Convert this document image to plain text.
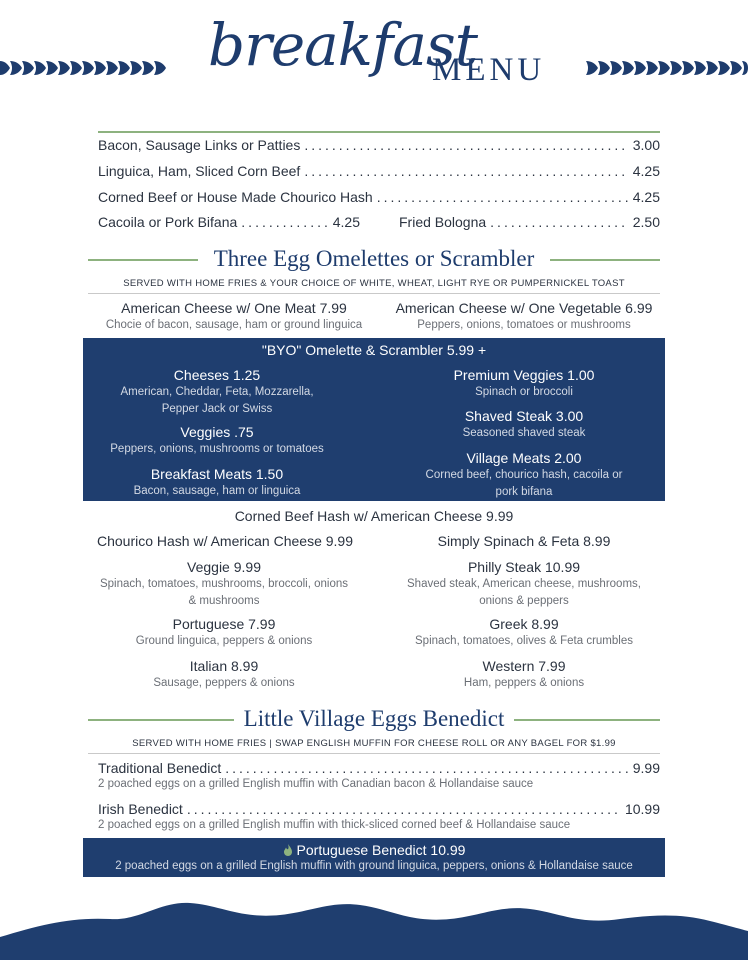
breakfast
MENU
Bacon, Sausage Links or Patties .....	3.00
Linguica, Ham, Sliced Corn Beef .....	4.25
Corned Beef or House Made Chourico Hash .....	4.25
Cacoila or Pork Bifana .....	4.25	Fried Bologna .....	2.50
Three Egg Omelettes or Scrambler
SERVED WITH HOME FRIES & YOUR CHOICE OF WHITE, WHEAT, LIGHT RYE OR PUMPERNICKEL TOAST
American Cheese w/ One Meat 7.99
Chocie of bacon, sausage, ham or ground linguica
American Cheese w/ One Vegetable 6.99
Peppers, onions, tomatoes or mushrooms
"BYO" Omelette & Scrambler 5.99 +
Cheeses 1.25
American, Cheddar, Feta, Mozzarella,
Pepper Jack or Swiss
Veggies .75
Peppers, onions, mushrooms or tomatoes
Breakfast Meats 1.50
Bacon, sausage, ham or linguica
Premium Veggies 1.00
Spinach or broccoli
Shaved Steak 3.00
Seasoned shaved steak
Village Meats 2.00
Corned beef, chourico hash, cacoila or
pork bifana
Corned Beef Hash w/ American Cheese 9.99
Chourico Hash w/ American Cheese 9.99
Veggie 9.99
Spinach, tomatoes, mushrooms, broccoli, onions
& mushrooms
Portuguese 7.99
Ground linguica, peppers & onions
Italian 8.99
Sausage, peppers & onions
Simply Spinach & Feta 8.99
Philly Steak 10.99
Shaved steak, American cheese, mushrooms,
onions & peppers
Greek 8.99
Spinach, tomatoes, olives & Feta crumbles
Western 7.99
Ham, peppers & onions
Little Village Eggs Benedict
SERVED WITH HOME FRIES | SWAP ENGLISH MUFFIN FOR CHEESE ROLL OR ANY BAGEL FOR $1.99
Traditional Benedict .....	9.99
2 poached eggs on a grilled English muffin with Canadian bacon & Hollandaise sauce
Irish Benedict .....	10.99
2 poached eggs on a grilled English muffin with thick-sliced corned beef & Hollandaise sauce
Portuguese Benedict 10.99
2 poached eggs on a grilled English muffin with ground linguica, peppers, onions & Hollandaise sauce
